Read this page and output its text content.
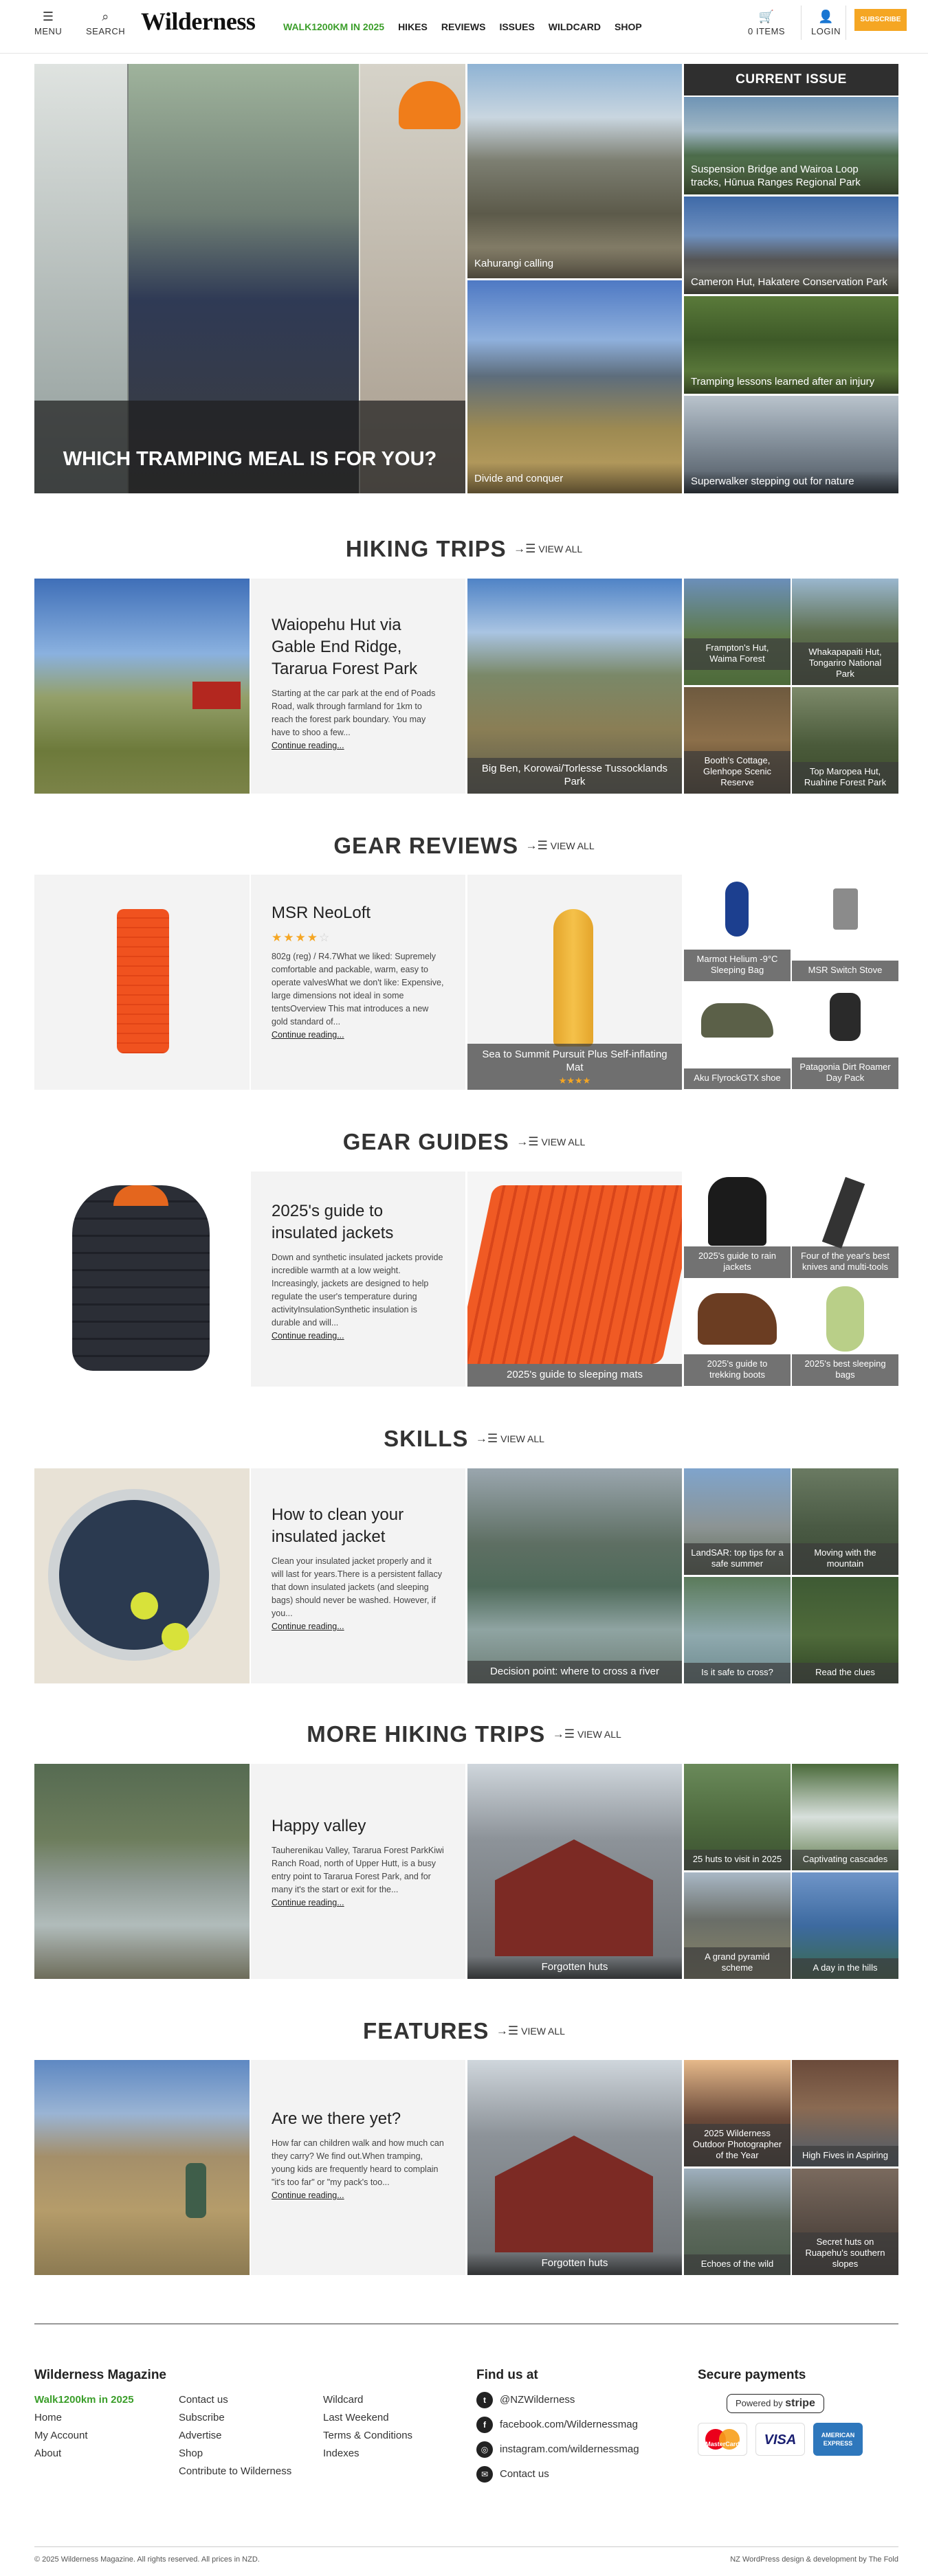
☰
MENU
⌕
SEARCH Wilderness	WALK1200KM IN 2025 HIKES REVIEWS ISSUES WILDCARD SHOP
🛒
0 ITEMS
👤
LOGIN
SUBSCRIBE
WHICH TRAMPING MEAL IS FOR YOU?
Kahurangi calling
Divide and conquer
CURRENT ISSUE
Suspension Bridge and Wairoa Loop tracks, Hūnua Ranges Regional Park
Cameron Hut, Hakatere Conservation Park
Tramping lessons learned after an injury
Superwalker stepping out for nature
HIKING TRIPS →☰ VIEW ALL
Waiopehu Hut via Gable End Ridge, Tararua Forest Park

Starting at the car park at the end of Poads Road, walk through farmland for 1km to reach the forest park boundary. You may have to shoo a few...

Continue reading...
Big Ben, Korowai/Torlesse Tussocklands Park
Frampton's Hut, Waima Forest
Whakapapaiti Hut, Tongariro National Park
Booth's Cottage, Glenhope Scenic Reserve
Top Maropea Hut, Ruahine Forest Park
GEAR REVIEWS →☰ VIEW ALL
MSR NeoLoft
★★★★☆

802g (reg) / R4.7What we liked: Supremely comfortable and packable, warm, easy to operate valvesWhat we don't like: Expensive, large dimensions not ideal in some tentsOverview This mat introduces a new gold standard of...

Continue reading...
Sea to Summit Pursuit Plus Self-inflating Mat
★★★★
Marmot Helium -9°C Sleeping Bag	MSR Switch Stove
Aku FlyrockGTX shoe
Patagonia Dirt Roamer Day Pack
GEAR GUIDES →☰ VIEW ALL
2025's guide to insulated jackets

Down and synthetic insulated jackets provide incredible warmth at a low weight. Increasingly, jackets are designed to help regulate the user's temperature during activityInsulationSynthetic insulation is durable and will...

Continue reading...
2025's guide to sleeping mats
2025's guide to rain jackets
Four of the year's best knives and multi-tools
2025's guide to trekking boots
2025's best sleeping bags
SKILLS →☰ VIEW ALL
How to clean your insulated jacket

Clean your insulated jacket properly and it will last for years.There is a persistent fallacy that down insulated jackets (and sleeping bags) should never be washed. However, if you...

Continue reading...
Decision point: where to cross a river
LandSAR: top tips for a safe summer
Moving with the mountain
Is it safe to cross?	Read the clues
MORE HIKING TRIPS →☰ VIEW ALL
Happy valley

Tauherenikau Valley, Tararua Forest ParkKiwi Ranch Road, north of Upper Hutt, is a busy entry point to Tararua Forest Park, and for many it's the start or exit for the...

Continue reading...
Forgotten huts
25 huts to visit in 2025	Captivating cascades
A grand pyramid scheme	A day in the hills
FEATURES →☰ VIEW ALL
Are we there yet?

How far can children walk and how much can they carry? We find out.When tramping, young kids are frequently heard to complain "it's too far" or "my pack's too...

Continue reading...
Forgotten huts
2025 Wilderness Outdoor Photographer of the Year	High Fives in Aspiring
Echoes of the wild
Secret huts on Ruapehu's southern slopes
Wilderness Magazine
Walk1200km in 2025
Home
My Account
About
Contact us
Subscribe
Advertise
Shop
Contribute to Wilderness
Wildcard
Last Weekend
Terms & Conditions
Indexes
Find us at
t	@NZWilderness
f	facebook.com/Wildernessmag
◎	instagram.com/wildernessmag
✉	Contact us
Secure payments
Powered by stripe
MasterCard	VISA	AMERICAN EXPRESS
© 2025 Wilderness Magazine. All rights reserved. All prices in NZD.	NZ WordPress design & development by The Fold
